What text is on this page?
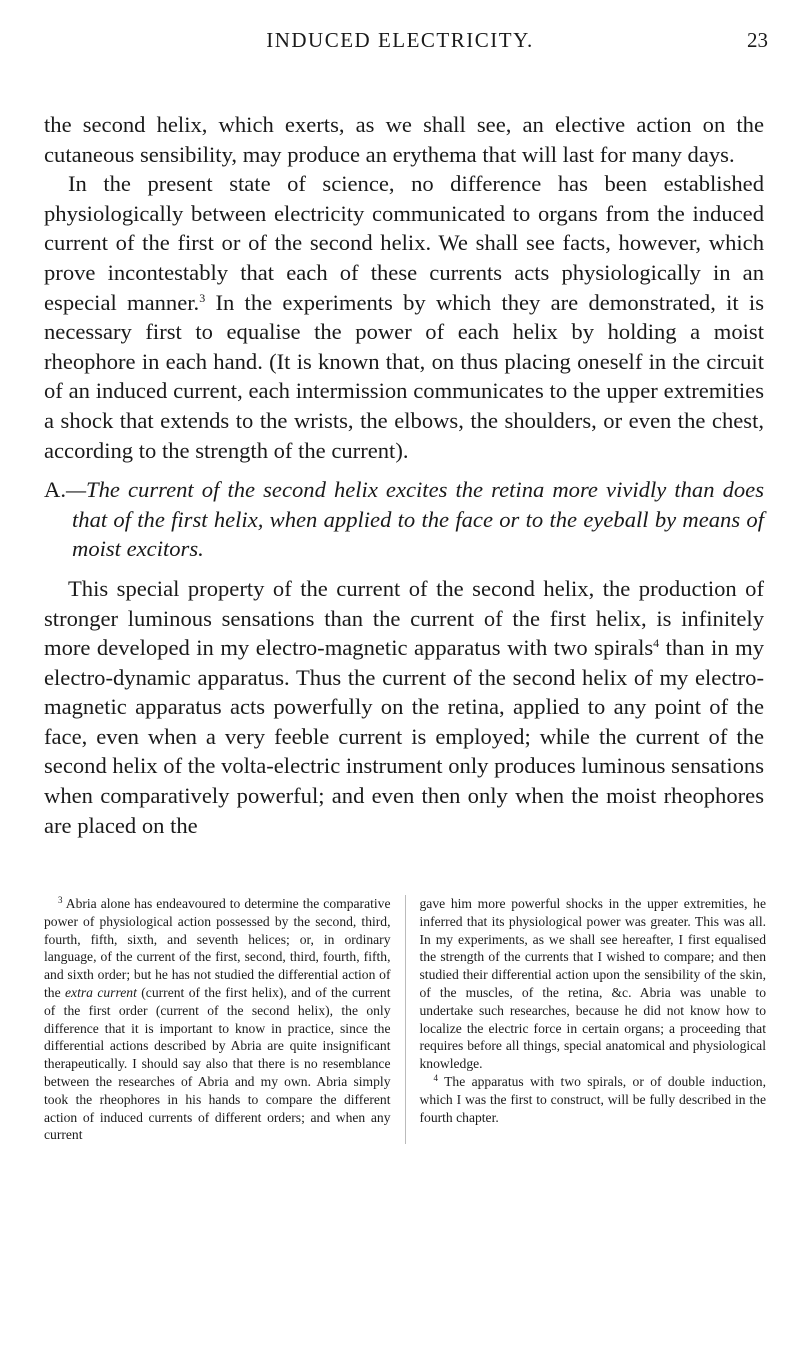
INDUCED ELECTRICITY.	23

the second helix, which exerts, as we shall see, an elective action on the cutaneous sensibility, may produce an erythema that will last for many days.

In the present state of science, no difference has been established physiologically between electricity communicated to organs from the induced current of the first or of the second helix. We shall see facts, however, which prove incontestably that each of these currents acts physiologically in an especial manner.$^3$ In the experiments by which they are demonstrated, it is necessary first to equalise the power of each helix by holding a moist rheophore in each hand. (It is known that, on thus placing oneself in the circuit of an induced current, each intermission communicates to the upper extremities a shock that extends to the wrists, the elbows, the shoulders, or even the chest, according to the strength of the current).

A.—The current of the second helix excites the retina more vividly than does that of the first helix, when applied to the face or to the eyeball by means of moist excitors.

This special property of the current of the second helix, the production of stronger luminous sensations than the current of the first helix, is infinitely more developed in my electro-magnetic apparatus with two spirals$^4$ than in my electro-dynamic apparatus. Thus the current of the second helix of my electro-magnetic apparatus acts powerfully on the retina, applied to any point of the face, even when a very feeble current is employed; while the current of the second helix of the volta-electric instrument only produces luminous sensations when comparatively powerful; and even then only when the moist rheophores are placed on the

$^3$ Abria alone has endeavoured to determine the comparative power of physiological action possessed by the second, third, fourth, fifth, sixth, and seventh helices; or, in ordinary language, of the current of the first, second, third, fourth, fifth, and sixth order; but he has not studied the differential action of the extra current (current of the first helix), and of the current of the first order (current of the second helix), the only difference that it is important to know in practice, since the differential actions described by Abria are quite insignificant therapeutically. I should say also that there is no resemblance between the researches of Abria and my own. Abria simply took the rheophores in his hands to compare the different action of induced currents of different orders; and when any current

gave him more powerful shocks in the upper extremities, he inferred that its physiological power was greater. This was all. In my experiments, as we shall see hereafter, I first equalised the strength of the currents that I wished to compare; and then studied their differential action upon the sensibility of the skin, of the muscles, of the retina, &c. Abria was unable to undertake such researches, because he did not know how to localize the electric force in certain organs; a proceeding that requires before all things, special anatomical and physiological knowledge.

$^4$ The apparatus with two spirals, or of double induction, which I was the first to construct, will be fully described in the fourth chapter.
